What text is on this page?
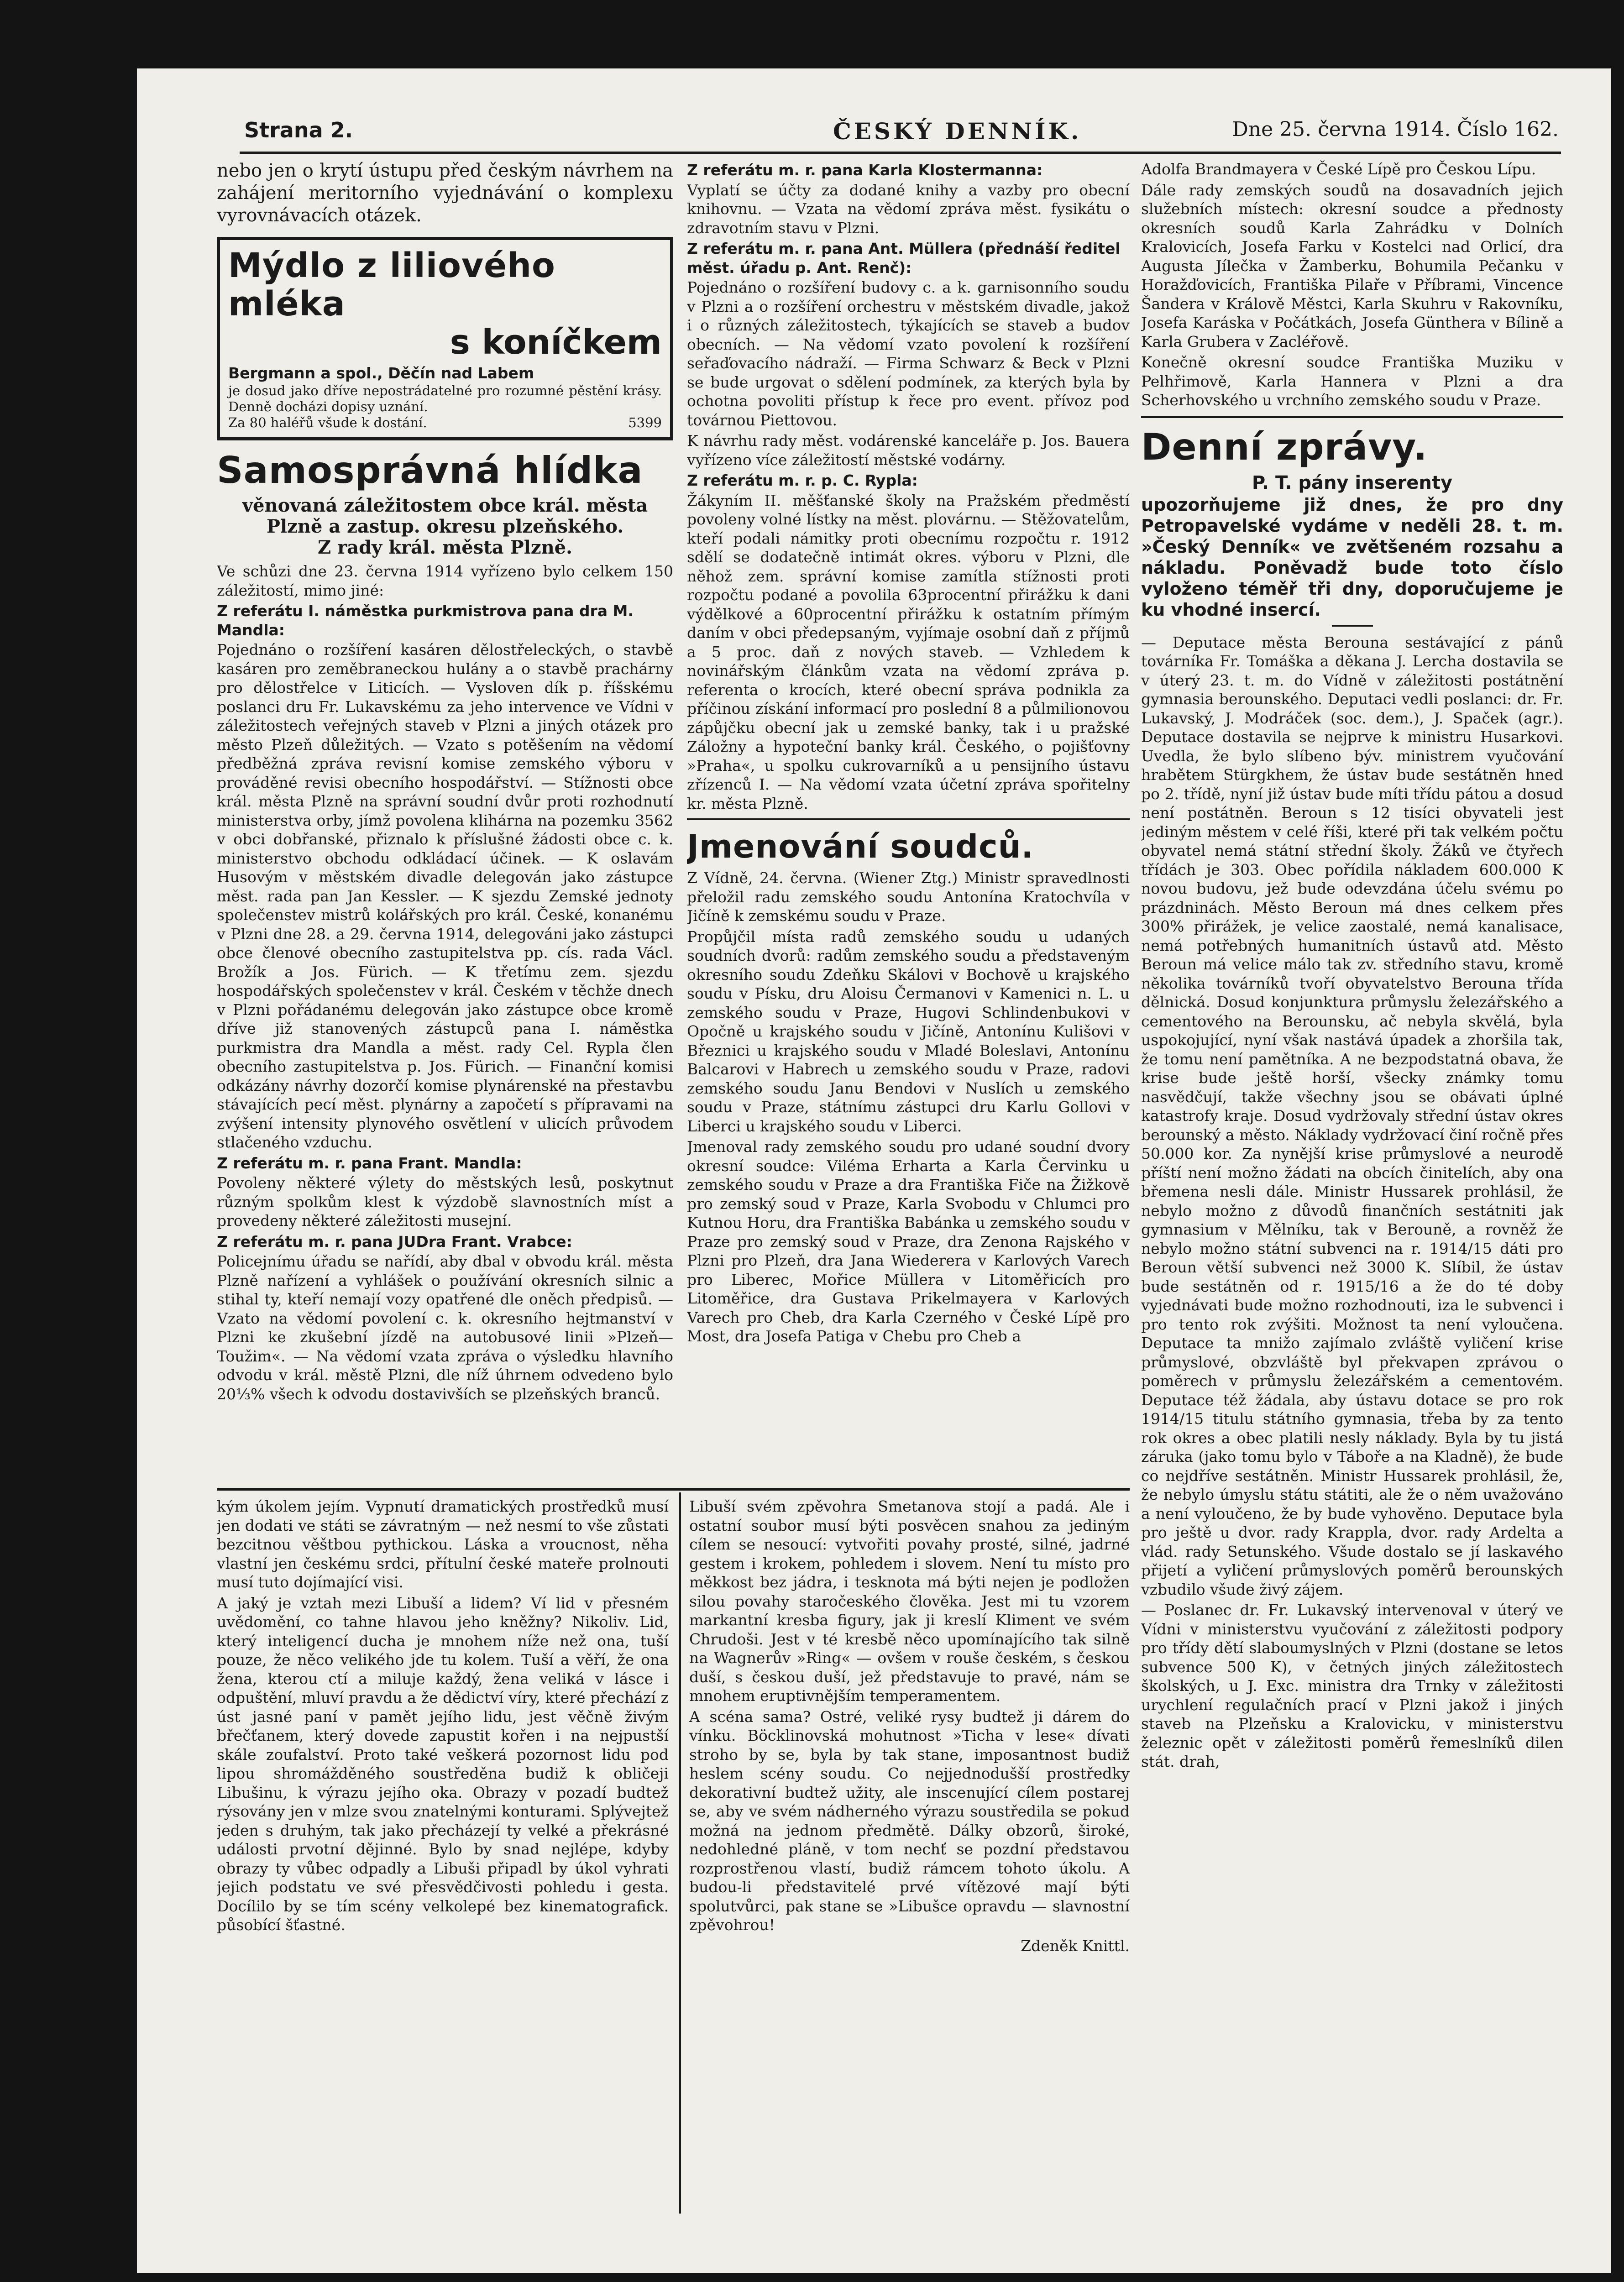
Strana 2.	ČESKÝ DENNÍK.	Dne 25. června 1914. Číslo 162.

nebo jen o krytí ústupu před českým návrhem na zahájení meritorního vyjednávání o komplexu vyrovnávacích otázek.

Mýdlo z liliového mléka
s koníčkem
Bergmann a spol., Děčín nad Labem
je dosud jako dříve nepostrádatelné pro rozumné pěstění krásy. Denně docházi dopisy uznání.
Za 80 haléřů všude k dostání.	5399
Samosprávná hlídka
věnovaná záležitostem obce král. města Plzně a zastup. okresu plzeňského.
Z rady král. města Plzně.

Ve schůzi dne 23. června 1914 vyřízeno bylo celkem 150 záležitostí, mimo jiné:

Z referátu I. náměstka purkmistrova pana dra M. Mandla:

Pojednáno o rozšíření kasáren dělostřeleckých, o stavbě kasáren pro zeměbraneckou hulány a o stavbě prachárny pro dělostřelce v Liticích. — Vysloven dík p. říšskému poslanci dru Fr. Lukavskému za jeho intervence ve Vídni v záležitostech veřejných staveb v Plzni a jiných otázek pro město Plzeň důležitých. — Vzato s potěšením na vědomí předběžná zpráva revisní komise zemského výboru v prováděné revisi obecního hospodářství. — Stížnosti obce král. města Plzně na správní soudní dvůr proti rozhodnutí ministerstva orby, jímž povolena klihárna na pozemku 3562 v obci dobřanské, přiznalo k příslušné žádosti obce c. k. ministerstvo obchodu odkládací účinek. — K oslavám Husovým v městském divadle delegován jako zástupce měst. rada pan Jan Kessler. — K sjezdu Zemské jednoty společenstev mistrů kolářských pro král. České, konanému v Plzni dne 28. a 29. června 1914, delegováni jako zástupci obce členové obecního zastupitelstva pp. cís. rada Václ. Brožík a Jos. Fürich. — K třetímu zem. sjezdu hospodářských společenstev v král. Českém v těchže dnech v Plzni pořádanému delegován jako zástupce obce kromě dříve již stanovených zástupců pana I. náměstka purkmistra dra Mandla a měst. rady Cel. Rypla člen obecního zastupitelstva p. Jos. Fürich. — Finanční komisi odkázány návrhy dozorčí komise plynárenské na přestavbu stávajících pecí měst. plynárny a započetí s přípravami na zvýšení intensity plynového osvětlení v ulicích průvodem stlačeného vzduchu.

Z referátu m. r. pana Frant. Mandla:

Povoleny některé výlety do městských lesů, poskytnut různým spolkům klest k výzdobě slavnostních míst a provedeny některé záležitosti musejní.

Z referátu m. r. pana JUDra Frant. Vrabce:

Policejnímu úřadu se nařídí, aby dbal v obvodu král. města Plzně nařízení a vyhlášek o používání okresních silnic a stihal ty, kteří nemají vozy opatřené dle oněch předpisů. — Vzato na vědomí povolení c. k. okresního hejtmanství v Plzni ke zkušební jízdě na autobusové linii »Plzeň—Toužim«. — Na vědomí vzata zpráva o výsledku hlavního odvodu v král. městě Plzni, dle níž úhrnem odvedeno bylo 20⅓% všech k odvodu dostavivších se plzeňských branců.

Z referátu m. r. pana Karla Klostermanna:

Vyplatí se účty za dodané knihy a vazby pro obecní knihovnu. — Vzata na vědomí zpráva měst. fysikátu o zdravotním stavu v Plzni.

Z referátu m. r. pana Ant. Müllera (přednáší ředitel měst. úřadu p. Ant. Renč):

Pojednáno o rozšíření budovy c. a k. garnisonního soudu v Plzni a o rozšíření orchestru v městském divadle, jakož i o různých záležitostech, týkajících se staveb a budov obecních. — Na vědomí vzato povolení k rozšíření seřaďovacího nádraží. — Firma Schwarz & Beck v Plzni se bude urgovat o sdělení podmínek, za kterých byla by ochotna povoliti přístup k řece pro event. přívoz pod továrnou Piettovou.

K návrhu rady měst. vodárenské kanceláře p. Jos. Bauera vyřízeno více záležitostí městské vodárny.

Z referátu m. r. p. C. Rypla:

Žákyním II. měšťanské školy na Pražském předměstí povoleny volné lístky na měst. plovárnu. — Stěžovatelům, kteří podali námitky proti obecnímu rozpočtu r. 1912 sdělí se dodatečně intimát okres. výboru v Plzni, dle něhož zem. správní komise zamítla stížnosti proti rozpočtu podané a povolila 63procentní přirážku k dani výdělkové a 60procentní přirážku k ostatním přímým daním v obci předepsaným, vyjímaje osobní daň z příjmů a 5 proc. daň z nových staveb. — Vzhledem k novinářským článkům vzata na vědomí zpráva p. referenta o krocích, které obecní správa podnikla za příčinou získání informací pro poslední 8 a půlmilionovou zápůjčku obecní jak u zemské banky, tak i u pražské Záložny a hypoteční banky král. Českého, o pojišťovny »Praha«, u spolku cukrovarníků a u pensijního ústavu zřízenců I. — Na vědomí vzata účetní zpráva spořitelny kr. města Plzně.

Jmenování soudců.

Z Vídně, 24. června. (Wiener Ztg.) Ministr spravedlnosti přeložil radu zemského soudu Antonína Kratochvíla v Jičíně k zemskému soudu v Praze.

Propůjčil místa radů zemského soudu u udaných soudních dvorů: radům zemského soudu a představeným okresního soudu Zdeňku Skálovi v Bochově u krajského soudu v Písku, dru Aloisu Čermanovi v Kamenici n. L. u zemského soudu v Praze, Hugovi Schlindenbukovi v Opočně u krajského soudu v Jičíně, Antonínu Kulišovi v Březnici u krajského soudu v Mladé Boleslavi, Antonínu Balcarovi v Habrech u zemského soudu v Praze, radovi zemského soudu Janu Bendovi v Nuslích u zemského soudu v Praze, státnímu zástupci dru Karlu Gollovi v Liberci u krajského soudu v Liberci.

Jmenoval rady zemského soudu pro udané soudní dvory okresní soudce: Viléma Erharta a Karla Červinku u zemského soudu v Praze a dra Františka Fiče na Žižkově pro zemský soud v Praze, Karla Svobodu v Chlumci pro Kutnou Horu, dra Františka Babánka u zemského soudu v Praze pro zemský soud v Praze, dra Zenona Rajského v Plzni pro Plzeň, dra Jana Wiederera v Karlových Varech pro Liberec, Mořice Müllera v Litoměřicích pro Litoměřice, dra Gustava Prikelmayera v Karlových Varech pro Cheb, dra Karla Czerného v České Lípě pro Most, dra Josefa Patiga v Chebu pro Cheb a

Adolfa Brandmayera v České Lípě pro Českou Lípu.

Dále rady zemských soudů na dosavadních jejich služebních místech: okresní soudce a přednosty okresních soudů Karla Zahrádku v Dolních Kralovicích, Josefa Farku v Kostelci nad Orlicí, dra Augusta Jílečka v Žamberku, Bohumila Pečanku v Horažďovicích, Františka Pilaře v Příbrami, Vincence Šandera v Králově Městci, Karla Skuhru v Rakovníku, Josefa Karáska v Počátkách, Josefa Günthera v Bílině a Karla Grubera v Zacléřově.

Konečně okresní soudce Františka Muziku v Pelhřimově, Karla Hannera v Plzni a dra Scherhovského u vrchního zemského soudu v Praze.

Denní zprávy.
P. T. pány inserenty

upozorňujeme již dnes, že pro dny Petropavelské vydáme v neděli 28. t. m. »Český Denník« ve zvětšeném rozsahu a nákladu. Poněvadž bude toto číslo vyloženo téměř tři dny, doporučujeme je ku vhodné insercí.

— Deputace města Berouna sestávající z pánů továrníka Fr. Tomáška a děkana J. Lercha dostavila se v úterý 23. t. m. do Vídně v záležitosti postátnění gymnasia berounského. Deputaci vedli poslanci: dr. Fr. Lukavský, J. Modráček (soc. dem.), J. Spaček (agr.). Deputace dostavila se nejprve k ministru Husarkovi. Uvedla, že bylo slíbeno býv. ministrem vyučování hrabětem Stürgkhem, že ústav bude sestátněn hned po 2. třídě, nyní již ústav bude míti třídu pátou a dosud není postátněn. Beroun s 12 tisíci obyvateli jest jediným městem v celé říši, které při tak velkém počtu obyvatel nemá státní střední školy. Žáků ve čtyřech třídách je 303. Obec pořídila nákladem 600.000 K novou budovu, jež bude odevzdána účelu svému po prázdninách. Město Beroun má dnes celkem přes 300% přirážek, je velice zaostalé, nemá kanalisace, nemá potřebných humanitních ústavů atd. Město Beroun má velice málo tak zv. středního stavu, kromě několika továrníků tvoří obyvatelstvo Berouna třída dělnická. Dosud konjunktura průmyslu železářského a cementového na Berounsku, ač nebyla skvělá, byla uspokojující, nyní však nastává úpadek a zhoršila tak, že tomu není pamětníka. A ne bezpodstatná obava, že krise bude ještě horší, všecky známky tomu nasvědčují, takže všechny jsou se obávati úplné katastrofy kraje. Dosud vydržovaly střední ústav okres berounský a město. Náklady vydržovací činí ročně přes 50.000 kor. Za nynější krise průmyslové a neurodě příští není možno žádati na obcích činitelích, aby ona břemena nesli dále. Ministr Hussarek prohlásil, že nebylo možno z důvodů finančních sestátniti jak gymnasium v Mělníku, tak v Berouně, a rovněž že nebylo možno státní subvenci na r. 1914/15 dáti pro Beroun větší subvenci než 3000 K. Slíbil, že ústav bude sestátněn od r. 1915/16 a že do té doby vyjednávati bude možno rozhodnouti, iza le subvenci i pro tento rok zvýšiti. Možnost ta není vyloučena. Deputace ta mnižo zajímalo zvláště vyličení krise průmyslové, obzvláště byl překvapen zprávou o poměrech v průmyslu železářském a cementovém. Deputace též žádala, aby ústavu dotace se pro rok 1914/15 titulu státního gymnasia, třeba by za tento rok okres a obec platili nesly náklady. Byla by tu jistá záruka (jako tomu bylo v Táboře a na Kladně), že bude co nejdříve sestátněn. Ministr Hussarek prohlásil, že, že nebylo úmyslu státu státiti, ale že o něm uvažováno a není vyloučeno, že by bude vyhověno. Deputace byla pro ještě u dvor. rady Krappla, dvor. rady Ardelta a vlád. rady Setunského. Všude dostalo se jí laskavého přijetí a vyličení průmyslových poměrů berounských vzbudilo všude živý zájem.

— Poslanec dr. Fr. Lukavský intervenoval v úterý ve Vídni v ministerstvu vyučování z záležitosti podpory pro třídy dětí slaboumyslných v Plzni (dostane se letos subvence 500 K), v četných jiných záležitostech školských, u J. Exc. ministra dra Trnky v záležitosti urychlení regulačních prací v Plzni jakož i jiných staveb na Plzeňsku a Kralovicku, v ministerstvu železnic opět v záležitosti poměrů řemeslníků dilen stát. drah,

kým úkolem jejím. Vypnutí dramatických prostředků musí jen dodati ve státi se závratným — než nesmí to vše zůstati bezcitnou věštbou pythickou. Láska a vroucnost, něha vlastní jen českému srdci, přítulní české mateře prolnouti musí tuto dojímající visi.

A jaký je vztah mezi Libuší a lidem? Ví lid v přesném uvědomění, co tahne hlavou jeho kněžny? Nikoliv. Lid, který inteligencí ducha je mnohem níže než ona, tuší pouze, že něco velikého jde tu kolem. Tuší a věří, že ona žena, kterou ctí a miluje každý, žena veliká v lásce i odpuštění, mluví pravdu a že dědictví víry, které přechází z úst jasné paní v pamět jejího lidu, jest věčně živým břečťanem, který dovede zapustit kořen i na nejpustší skále zoufalství. Proto také veškerá pozornost lidu pod lipou shromážděného soustředěna budiž k obličeji Libušinu, k výrazu jejího oka. Obrazy v pozadí budtež rýsovány jen v mlze svou znatelnými konturami. Splývejtež jeden s druhým, tak jako přecházejí ty velké a překrásné události prvotní dějinné. Bylo by snad nejlépe, kdyby obrazy ty vůbec odpadly a Libuši připadl by úkol vyhrati jejich podstatu ve své přesvědčivosti pohledu i gesta. Docílilo by se tím scény velkolepé bez kinematografick. působící šťastné.

Libuší svém zpěvohra Smetanova stojí a padá. Ale i ostatní soubor musí býti posvěcen snahou za jediným cílem se nesoucí: vytvořiti povahy prosté, silné, jadrné gestem i krokem, pohledem i slovem. Není tu místo pro měkkost bez jádra, i tesknota má býti nejen je podložen silou povahy staročeského člověka. Jest mi tu vzorem markantní kresba figury, jak ji kreslí Kliment ve svém Chrudoši. Jest v té kresbě něco upomínajícího tak silně na Wagnerův »Ring« — ovšem v rouše českém, s českou duší, s českou duší, jež představuje to pravé, nám se mnohem eruptivnějším temperamentem.

A scéna sama? Ostré, veliké rysy budtež ji dárem do vínku. Böcklinovská mohutnost »Ticha v lese« dívati stroho by se, byla by tak stane, imposantnost budiž heslem scény soudu. Co nejjednodušší prostředky dekorativní budtež užity, ale inscenující cílem postarej se, aby ve svém nádherného výrazu soustředila se pokud možná na jednom předmětě. Dálky obzorů, široké, nedohledné pláně, v tom nechť se pozdní představou rozprostřenou vlastí, budiž rámcem tohoto úkolu. A budou-li představitelé prvé vítězové mají býti spolutvůrci, pak stane se »Libušce opravdu — slavnostní zpěvohrou!

Zdeněk Knittl.
